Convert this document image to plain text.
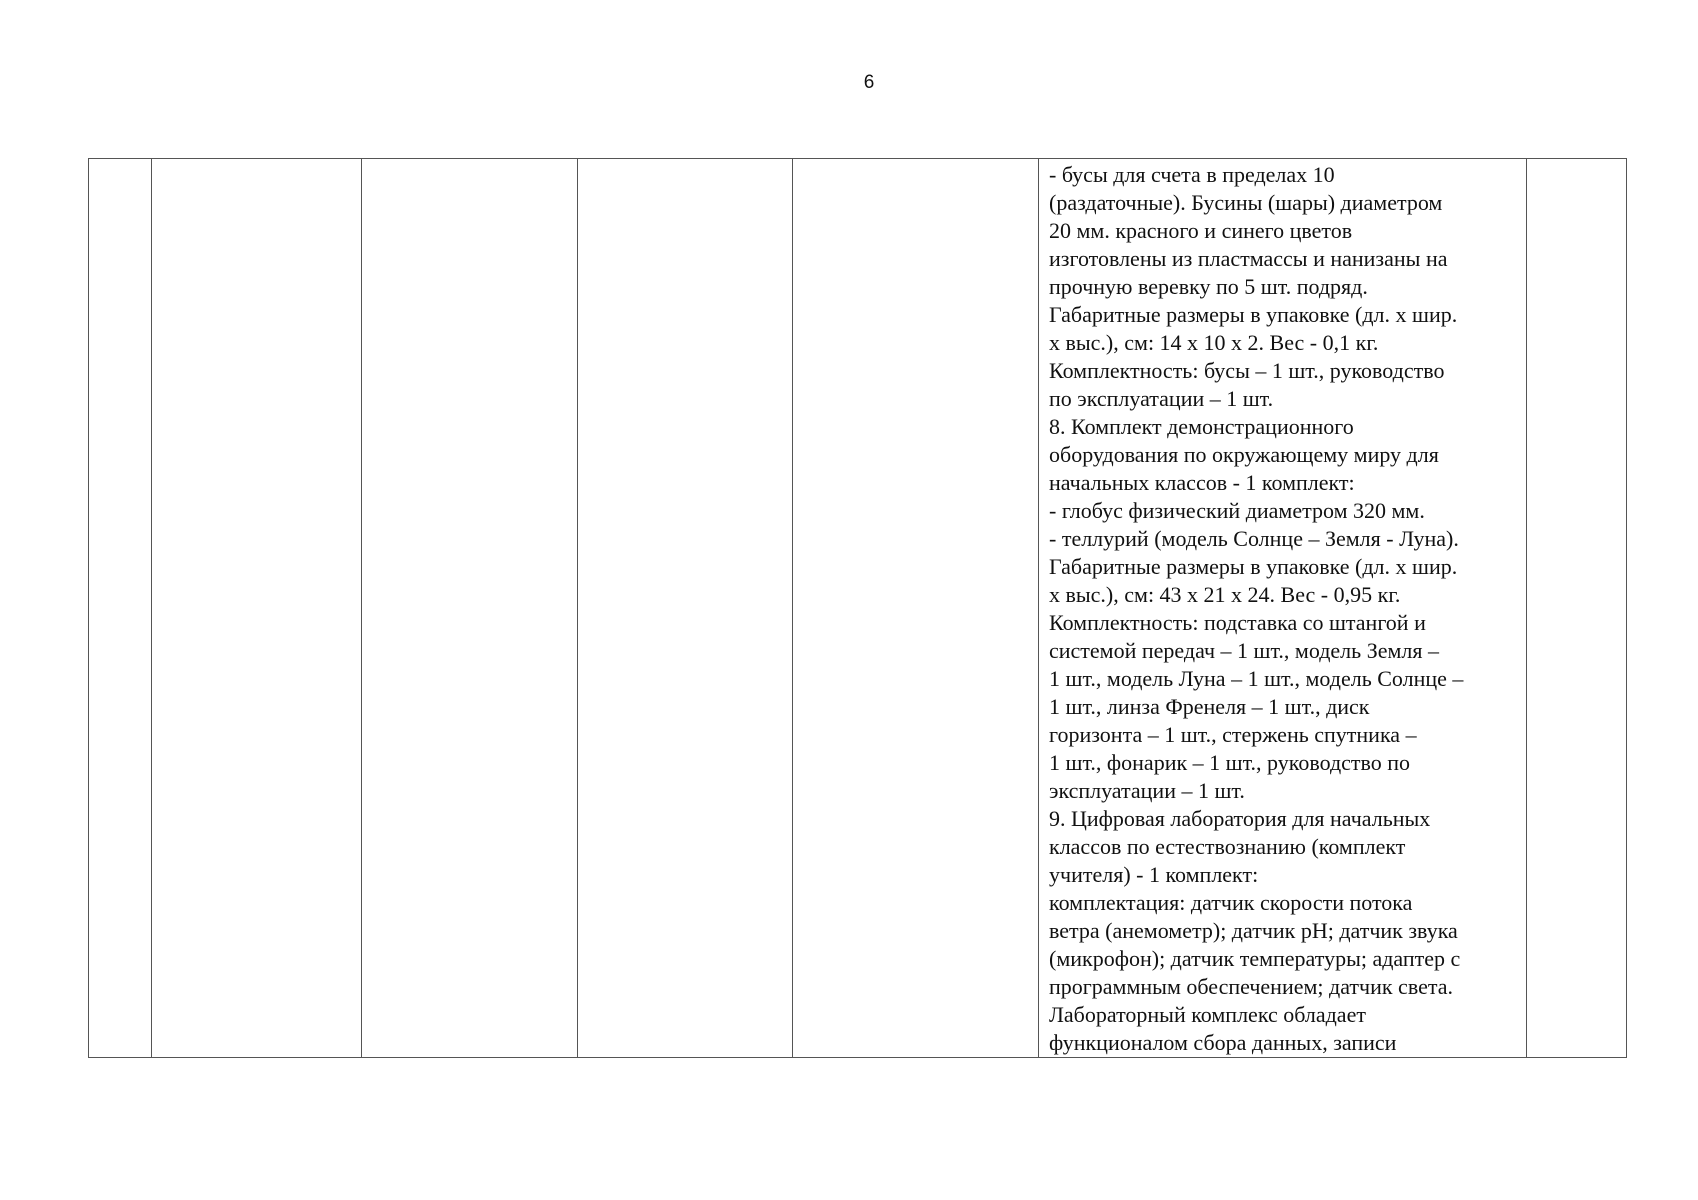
6

- бусы для счета в пределах 10
(раздаточные). Бусины (шары) диаметром
20 мм. красного и синего цветов
изготовлены из пластмассы и нанизаны на
прочную веревку по 5 шт. подряд.
Габаритные размеры в упаковке (дл. х шир.
х выс.), см: 14 х 10 х 2. Вес - 0,1 кг.
Комплектность: бусы – 1 шт., руководство
по эксплуатации – 1 шт.
8. Комплект демонстрационного
оборудования по окружающему миру для
начальных классов - 1 комплект:
- глобус физический диаметром 320 мм.
- теллурий (модель Солнце – Земля - Луна).
Габаритные размеры в упаковке (дл. х шир.
х выс.), см: 43 х 21 х 24. Вес - 0,95 кг.
Комплектность: подставка со штангой и
системой передач – 1 шт., модель Земля –
1 шт., модель Луна – 1 шт., модель Солнце –
1 шт., линза Френеля – 1 шт., диск
горизонта – 1 шт., стержень спутника –
1 шт., фонарик – 1 шт., руководство по
эксплуатации – 1 шт.
9. Цифровая лаборатория для начальных
классов по естествознанию (комплект
учителя) - 1 комплект:
комплектация: датчик скорости потока
ветра (анемометр); датчик pH; датчик звука
(микрофон); датчик температуры; адаптер с
программным обеспечением; датчик света.
Лабораторный комплекс обладает
функционалом сбора данных, записи
